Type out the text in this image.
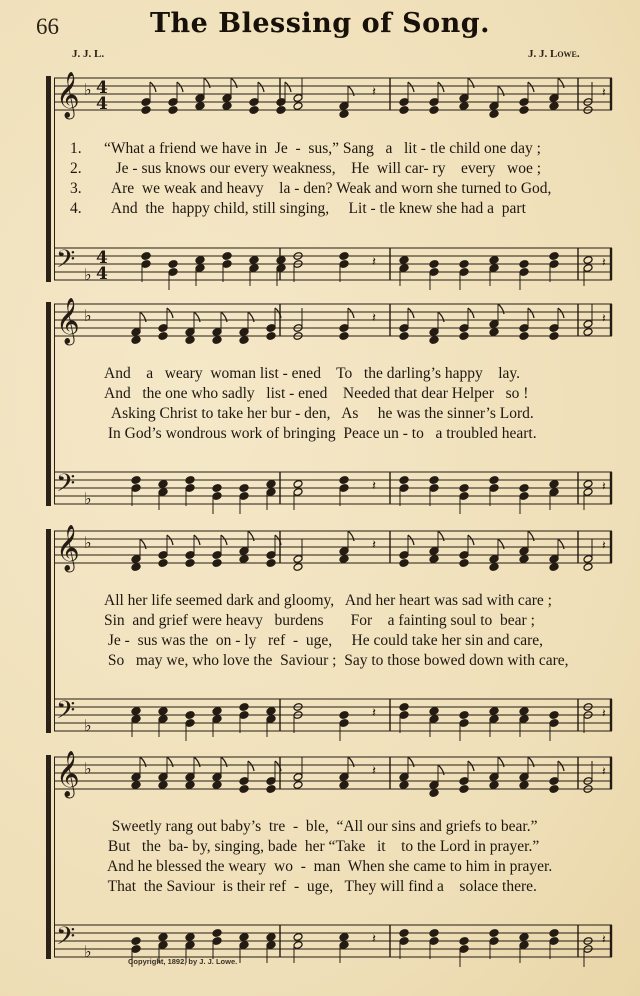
66	The Blessing of Song.
J. J. L.	J. J. Lowe.
𝄞 ♭ 4
4
𝄽	𝄽
1. “What a friend we have in  Je  -  sus,” Sang   a   lit - tle child one day ;
2.   Je - sus knows our every weakness,    He  will car- ry    every   woe ;
3.  Are  we weak and heavy    la - den? Weak and worn she turned to God,
4.  And  the  happy child, still singing,     Lit - tle knew she had a  part
𝄢 ♭
4
4
𝄽	𝄽
𝄞 ♭	𝄽	𝄽
And    a   weary  woman list - ened    To   the darling’s happy    lay.
And   the one who sadly   list - ened    Needed that dear Helper   so !
Asking Christ to take her bur - den,   As     he was the sinner’s Lord.
In God’s wondrous work of bringing  Peace un - to   a troubled heart.
𝄢 ♭
𝄽	𝄽
𝄞 ♭	𝄽	𝄽
All her life seemed dark and gloomy,   And her heart was sad with care ;
Sin  and grief were heavy   burdens       For    a fainting soul to  bear ;
Je -  sus was the  on - ly   ref  -  uge,     He could take her sin and care,
So   may we, who love the  Saviour ;  Say to those bowed down with care,
𝄢 ♭
𝄽	𝄽
𝄞 ♭	𝄽	𝄽
Sweetly rang out baby’s  tre  -  ble,  “All our sins and griefs to bear.”
But   the  ba- by, singing, bade  her “Take   it    to the Lord in prayer.”
And he blessed the weary  wo  -  man  When she came to him in prayer.
That  the Saviour  is their ref  -  uge,   They will find a    solace there.
𝄢 ♭
𝄽	𝄽
Copyright, 1892, by J. J. Lowe.
